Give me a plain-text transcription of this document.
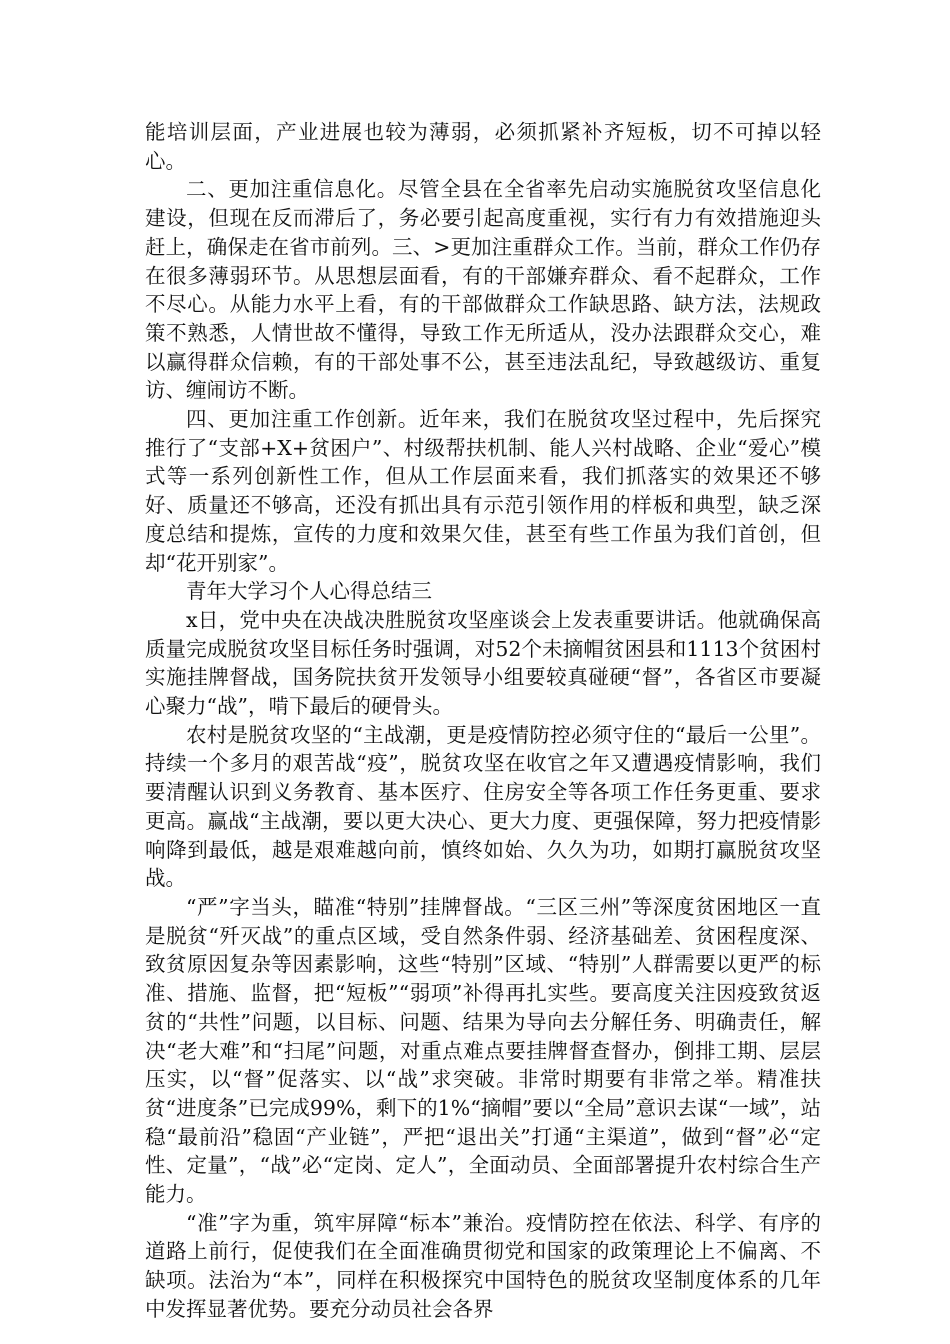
能培训层面，产业进展也较为薄弱，必须抓紧补齐短板，切不可掉以轻心。

二、更加注重信息化。尽管全县在全省率先启动实施脱贫攻坚信息化建设，但现在反而滞后了，务必要引起高度重视，实行有力有效措施迎头赶上，确保走在省市前列。三、>更加注重群众工作。当前，群众工作仍存在很多薄弱环节。从思想层面看，有的干部嫌弃群众、看不起群众，工作不尽心。从能力水平上看，有的干部做群众工作缺思路、缺方法，法规政策不熟悉，人情世故不懂得，导致工作无所适从，没办法跟群众交心，难以赢得群众信赖，有的干部处事不公，甚至违法乱纪，导致越级访、重复访、缠闹访不断。

四、更加注重工作创新。近年来，我们在脱贫攻坚过程中，先后探究推行了“支部+X+贫困户”、村级帮扶机制、能人兴村战略、企业“爱心”模式等一系列创新性工作，但从工作层面来看，我们抓落实的效果还不够好、质量还不够高，还没有抓出具有示范引领作用的样板和典型，缺乏深度总结和提炼，宣传的力度和效果欠佳，甚至有些工作虽为我们首创，但却“花开别家”。

青年大学习个人心得总结三

x日，党中央在决战决胜脱贫攻坚座谈会上发表重要讲话。他就确保高质量完成脱贫攻坚目标任务时强调，对52个未摘帽贫困县和1113个贫困村实施挂牌督战，国务院扶贫开发领导小组要较真碰硬“督”，各省区市要凝心聚力“战”，啃下最后的硬骨头。

农村是脱贫攻坚的“主战潮，更是疫情防控必须守住的“最后一公里”。持续一个多月的艰苦战“疫”，脱贫攻坚在收官之年又遭遇疫情影响，我们要清醒认识到义务教育、基本医疗、住房安全等各项工作任务更重、要求更高。赢战“主战潮，要以更大决心、更大力度、更强保障，努力把疫情影响降到最低，越是艰难越向前，慎终如始、久久为功，如期打赢脱贫攻坚战。

“严”字当头，瞄准“特别”挂牌督战。“三区三州”等深度贫困地区一直是脱贫“歼灭战”的重点区域，受自然条件弱、经济基础差、贫困程度深、致贫原因复杂等因素影响，这些“特别”区域、“特别”人群需要以更严的标准、措施、监督，把“短板”“弱项”补得再扎实些。要高度关注因疫致贫返贫的“共性”问题，以目标、问题、结果为导向去分解任务、明确责任，解决“老大难”和“扫尾”问题，对重点难点要挂牌督查督办，倒排工期、层层压实，以“督”促落实、以“战”求突破。非常时期要有非常之举。精准扶贫“进度条”已完成99%，剩下的1%“摘帽”要以“全局”意识去谋“一域”，站稳“最前沿”稳固“产业链”，严把“退出关”打通“主渠道”，做到“督”必“定性、定量”，“战”必“定岗、定人”，全面动员、全面部署提升农村综合生产能力。

“准”字为重，筑牢屏障“标本”兼治。疫情防控在依法、科学、有序的道路上前行，促使我们在全面准确贯彻党和国家的政策理论上不偏离、不缺项。法治为“本”，同样在积极探究中国特色的脱贫攻坚制度体系的几年中发挥显著优势。要充分动员社会各界
